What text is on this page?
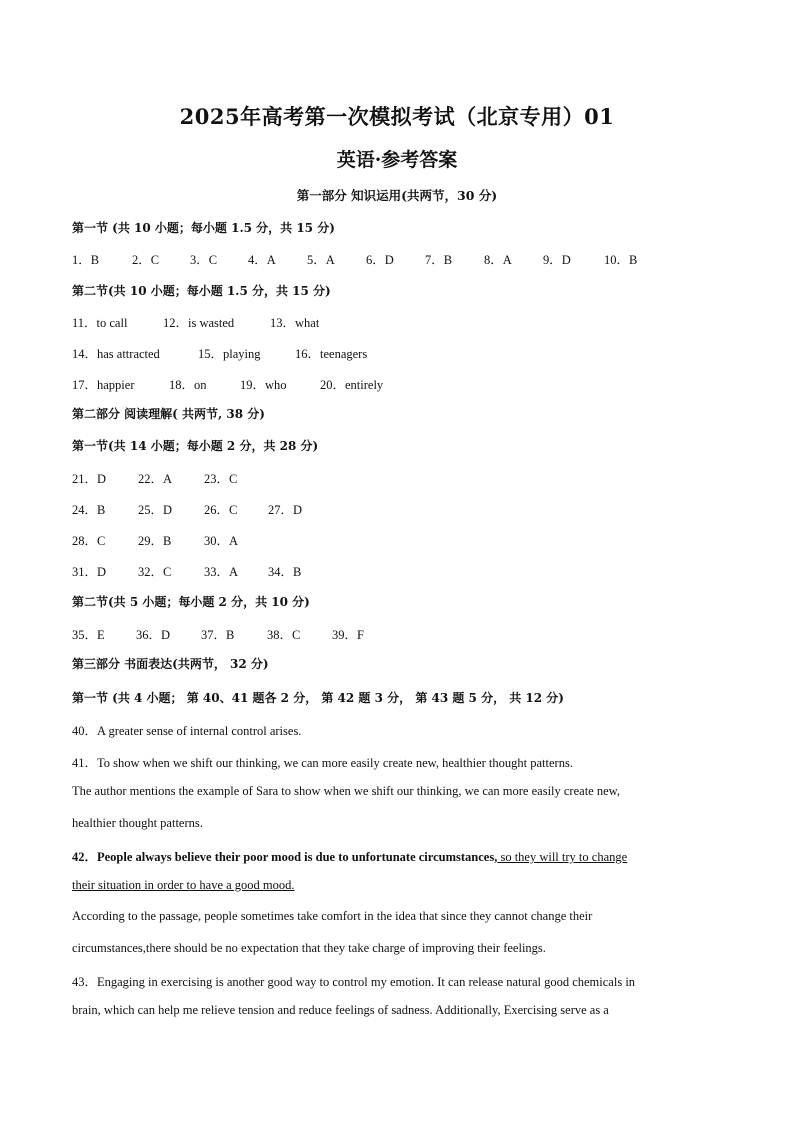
2025年高考第一次模拟考试（北京专用）01
英语·参考答案
第一部分 知识运用(共两节，30 分)
第一节 (共 10 小题；每小题 1.5 分，共 15 分)
1．B	2．C 3．C 4．A 5．A 6．D 7．B	8．A 9．D	10．B
第二节(共 10 小题；每小题 1.5 分，共 15 分)
11．to call	12．is wasted	13．what
14．has attracted	15．playing	16．teenagers
17．happier	18．on	19．who	20．entirely
第二部分 阅读理解( 共两节, 38 分)
第一节(共 14 小题；每小题 2 分，共 28 分)
21．D	22．A	23．C
24．B	25．D	26．C 27．D
28．C	29．B	30．A
31．D	32．C	33．A 34．B
第二节(共 5 小题；每小题 2 分，共 10 分)
35．E	36．D 37．B	38．C	39．F
第三部分 书面表达(共两节， 32 分)
第一节 (共 4 小题； 第 40、41 题各 2 分， 第 42 题 3 分， 第 43 题 5 分， 共 12 分)
40．A greater sense of internal control arises.
41．To show when we shift our thinking, we can more easily create new, healthier thought patterns.
The author mentions the example of Sara to show when we shift our thinking, we can more easily create new,
healthier thought patterns.
42．People always believe their poor mood is due to unfortunate circumstances, so they will try to change
their situation in order to have a good mood.
According to the passage, people sometimes take comfort in the idea that since they cannot change their
circumstances,there should be no expectation that they take charge of improving their feelings.
43．Engaging in exercising is another good way to control my emotion. It can release natural good chemicals in
brain, which can help me relieve tension and reduce feelings of sadness. Additionally, Exercising serve as a
